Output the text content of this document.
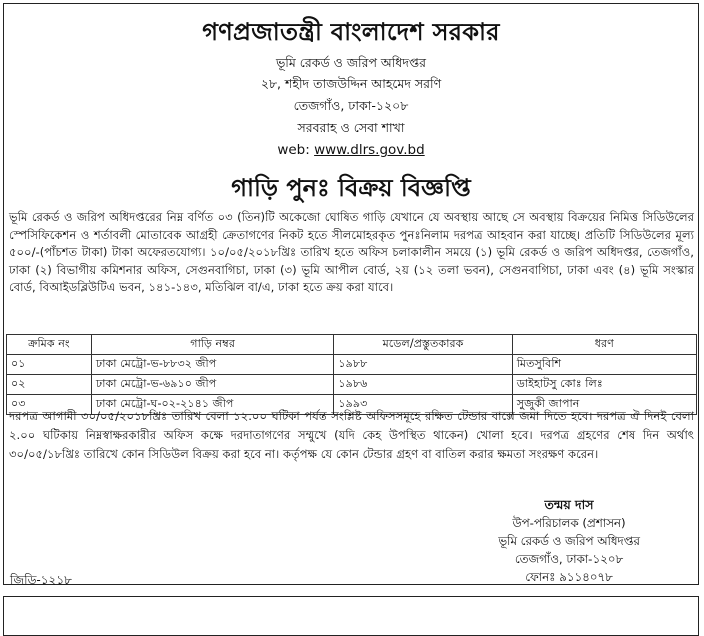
গণপ্রজাতন্ত্রী বাংলাদেশ সরকার
ভূমি রেকর্ড ও জরিপ অধিদপ্তর
২৮, শহীদ তাজউদ্দিন আহমেদ সরণি
তেজগাঁও, ঢাকা-১২০৮
সরবরাহ ও সেবা শাখা
web: www.dlrs.gov.bd
গাড়ি পুনঃ বিক্রয় বিজ্ঞপ্তি
ভূমি রেকর্ড ও জরিপ অধিদপ্তরের নিম্ন বর্ণিত ০৩ (তিন)টি অকেজো ঘোষিত গাড়ি যেখানে যে অবস্থায় আছে সে অবস্থায় বিক্রয়ের নিমিত্ত সিডিউলের স্পেসিফিকেশন ও শর্তাবলী মোতাবেক আগ্রহী ক্রেতাগণের নিকট হতে সীলমোহরকৃত পুনঃনিলাম দরপত্র আহবান করা যাচ্ছে। প্রতিটি সিডিউলের মূল্য ৫০০/-(পাঁচশত টাকা) টাকা অফেরতযোগ্য। ১০/০৫/২০১৮খ্রিঃ তারিখ হতে অফিস চলাকালীন সময়ে (১) ভূমি রেকর্ড ও জরিপ অধিদপ্তর, তেজগাঁও, ঢাকা (২) বিভাগীয় কমিশনার অফিস, সেগুনবাগিচা, ঢাকা (৩) ভূমি আপীল বোর্ড, ২য় (১২ তলা ভবন), সেগুনবাগিচা, ঢাকা এবং (৪) ভূমি সংস্কার বোর্ড, বিআইডব্লিউটিএ ভবন, ১৪১-১৪৩, মতিঝিল বা/এ, ঢাকা হতে ক্রয় করা যাবে।
ক্রমিক নং	গাড়ি নম্বর	মডেল/প্রস্তুতকারক	ধরণ
০১	ঢাকা মেট্রো-ভ-৮৮৩২ জীপ	১৯৮৮	মিতসুবিশি
০২	ঢাকা মেট্রো-ভ-৬৯১০ জীপ	১৯৮৬	ডাইহাটসু কোঃ লিঃ
০৩	ঢাকা মেট্রো-ঘ-০২-২১৪১ জীপ	১৯৯৩	সুজুকী জাপান
দরপত্র আগামী ৩০/০৫/২০১৮খ্রিঃ তারিখ বেলা ১২.০০ ঘটিকা পর্যন্ত সংশ্লিষ্ট অফিসসমূহে রক্ষিত টেন্ডার বাক্সে জমা দিতে হবে। দরপত্র ঐ দিনই বেলা ২.০০ ঘটিকায় নিম্নস্বাক্ষরকারীর অফিস কক্ষে দরদাতাগণের সম্মুখে (যদি কেহ উপস্থিত থাকেন) খোলা হবে। দরপত্র গ্রহণের শেষ দিন অর্থাৎ ৩০/০৫/১৮খ্রিঃ তারিখে কোন সিডিউল বিক্রয় করা হবে না। কর্তৃপক্ষ যে কোন টেন্ডার গ্রহণ বা বাতিল করার ক্ষমতা সংরক্ষণ করেন।
তন্ময় দাস
উপ-পরিচালক (প্রশাসন)
ভূমি রেকর্ড ও জরিপ অধিদপ্তর
তেজগাঁও, ঢাকা-১২০৮
ফোনঃ ৯১১৪০৭৮
জিডি-১২১৮
